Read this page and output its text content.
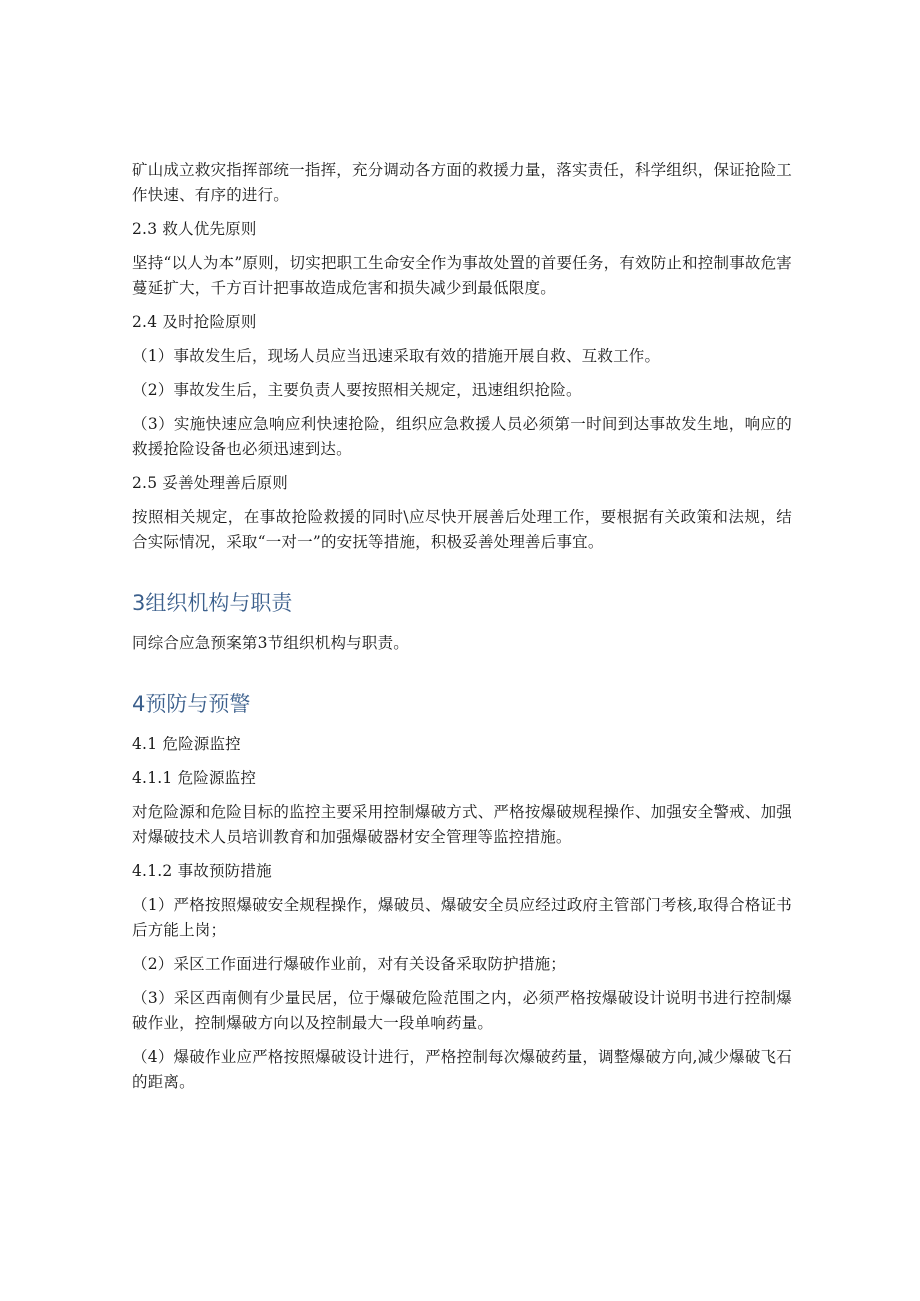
矿山成立救灾指挥部统一指挥，充分调动各方面的救援力量，落实责任，科学组织，保证抢险工作快速、有序的进行。

2.3 救人优先原则

坚持“以人为本”原则，切实把职工生命安全作为事故处置的首要任务，有效防止和控制事故危害蔓延扩大，千方百计把事故造成危害和损失减少到最低限度。

2.4 及时抢险原则

（1）事故发生后，现场人员应当迅速采取有效的措施开展自救、互救工作。

（2）事故发生后，主要负责人要按照相关规定，迅速组织抢险。

（3）实施快速应急响应利快速抢险，组织应急救援人员必须第一时间到达事故发生地，响应的救援抢险设备也必须迅速到达。

2.5 妥善处理善后原则

按照相关规定，在事故抢险救援的同时\应尽快开展善后处理工作，要根据有关政策和法规，结合实际情况，采取“一对一”的安抚等措施，积极妥善处理善后事宜。

3组织机构与职责

同综合应急预案第3节组织机构与职责。

4预防与预警

4.1 危险源监控

4.1.1 危险源监控

对危险源和危险目标的监控主要采用控制爆破方式、严格按爆破规程操作、加强安全警戒、加强对爆破技术人员培训教育和加强爆破器材安全管理等监控措施。

4.1.2 事故预防措施

（1）严格按照爆破安全规程操作，爆破员、爆破安全员应经过政府主管部门考核,取得合格证书后方能上岗；

（2）采区工作面进行爆破作业前，对有关设备采取防护措施；

（3）采区西南侧有少量民居，位于爆破危险范围之内，必须严格按爆破设计说明书进行控制爆破作业，控制爆破方向以及控制最大一段单响药量。

（4）爆破作业应严格按照爆破设计进行，严格控制每次爆破药量，调整爆破方向,减少爆破飞石的距离。
